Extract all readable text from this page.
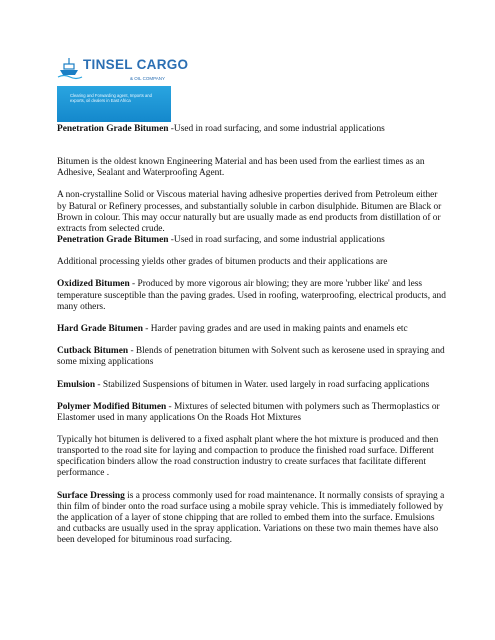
TINSEL CARGO
& OIL COMPANY
Clearing and Forwarding agent, Imports and exports, oil dealers in East Africa

Penetration Grade Bitumen -Used in road surfacing, and some industrial applications

Bitumen is the oldest known Engineering Material and has been used from the earliest times as an Adhesive, Sealant and Waterproofing Agent.

A non-crystalline Solid or Viscous material having adhesive properties derived from Petroleum either by Batural or Refinery processes, and substantially soluble in carbon disulphide. Bitumen are Black or Brown in colour. This may occur naturally but are usually made as end products from distillation of or extracts from selected crude.

Penetration Grade Bitumen -Used in road surfacing, and some industrial applications

Additional processing yields other grades of bitumen products and their applications are

Oxidized Bitumen - Produced by more vigorous air blowing; they are more 'rubber like' and less temperature susceptible than the paving grades. Used in roofing, waterproofing, electrical products, and many others.

Hard Grade Bitumen - Harder paving grades and are used in making paints and enamels etc

Cutback Bitumen - Blends of penetration bitumen with Solvent such as kerosene used in spraying and some mixing applications

Emulsion - Stabilized Suspensions of bitumen in Water. used largely in road surfacing applications

Polymer Modified Bitumen - Mixtures of selected bitumen with polymers such as Thermoplastics or Elastomer used in many applications On the Roads Hot Mixtures

Typically hot bitumen is delivered to a fixed asphalt plant where the hot mixture is produced and then transported to the road site for laying and compaction to produce the finished road surface. Different specification binders allow the road construction industry to create surfaces that facilitate different performance .

Surface Dressing is a process commonly used for road maintenance. It normally consists of spraying a thin film of binder onto the road surface using a mobile spray vehicle. This is immediately followed by the application of a layer of stone chipping that are rolled to embed them into the surface. Emulsions and cutbacks are usually used in the spray application. Variations on these two main themes have also been developed for bituminous road surfacing.
